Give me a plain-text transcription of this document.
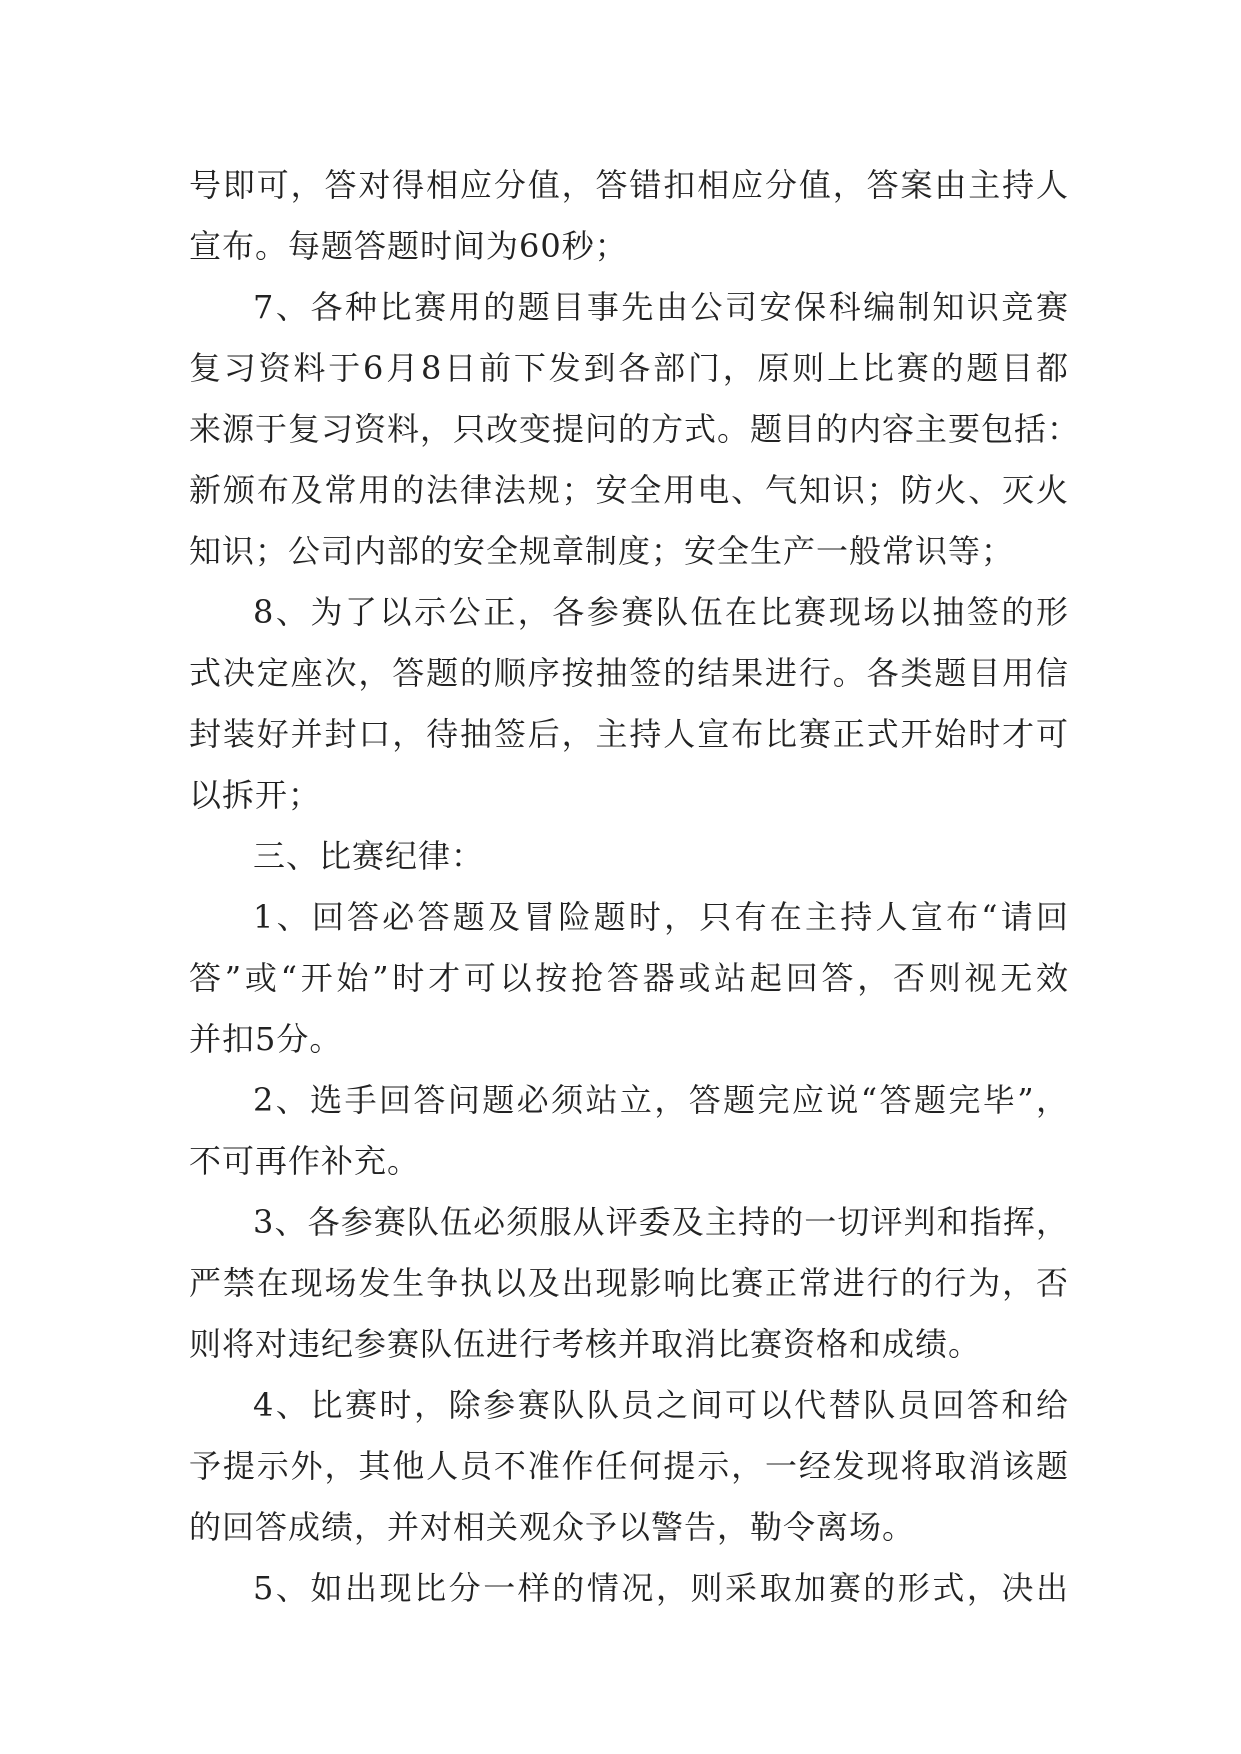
号即可，答对得相应分值，答错扣相应分值，答案由主持人
宣布。每题答题时间为60秒；
7、各种比赛用的题目事先由公司安保科编制知识竞赛
复习资料于6月8日前下发到各部门，原则上比赛的题目都
来源于复习资料，只改变提问的方式。题目的内容主要包括：
新颁布及常用的法律法规；安全用电、气知识；防火、灭火
知识；公司内部的安全规章制度；安全生产一般常识等；
8、为了以示公正，各参赛队伍在比赛现场以抽签的形
式决定座次，答题的顺序按抽签的结果进行。各类题目用信
封装好并封口，待抽签后，主持人宣布比赛正式开始时才可
以拆开；
三、比赛纪律：
1、回答必答题及冒险题时，只有在主持人宣布“请回
答”或“开始”时才可以按抢答器或站起回答，否则视无效
并扣5分。
2、选手回答问题必须站立，答题完应说“答题完毕”，
不可再作补充。
3、各参赛队伍必须服从评委及主持的一切评判和指挥，
严禁在现场发生争执以及出现影响比赛正常进行的行为，否
则将对违纪参赛队伍进行考核并取消比赛资格和成绩。
4、比赛时，除参赛队队员之间可以代替队员回答和给
予提示外，其他人员不准作任何提示，一经发现将取消该题
的回答成绩，并对相关观众予以警告，勒令离场。
5、如出现比分一样的情况，则采取加赛的形式，决出
